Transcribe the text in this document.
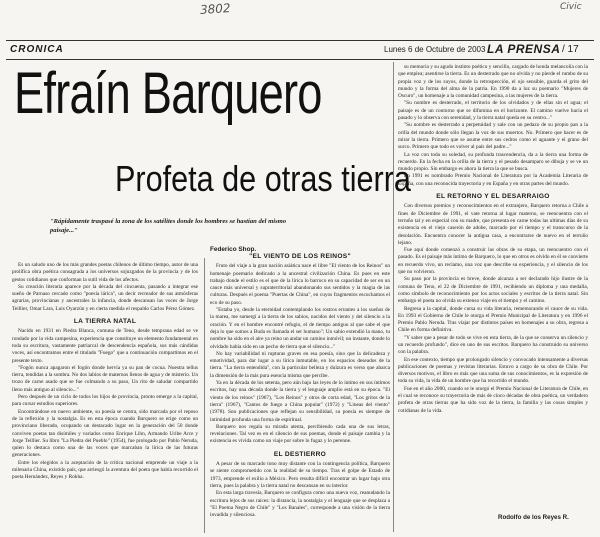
3802	Civic
CRONICA	Lunes 6 de Octubre de 2003 LA PRENSA / 17
Efraín Barquero
Profeta de otras tierra
"Rápidamente traspasé la zona de los satélites donde los hombres se hastían del mismo paisaje..."
Federico Shop.

Es un saludo uno de los más grandes poetas chilenos de último tiempo, autor de una prolífica obra poética consagrada a los universos sojuzgados de la provincia y de los gestos cotidianos que conforman la sutil vida de los afectos.

Su creación literaria aparece por la década del cincuenta, pasando a integrar ese sueño de Parnaso cercado como "poesía lárica", un decir recreador de sus atmósferas agrarias, provincianas y ancestrales la infancia, donde descansan las voces de Jorge Teillier, Omar Lara, Luis Oyarzún y en cierta medida el respaldo Carlos Pérez Gómez.

LA TIERRA NATAL

Nacido en 1931 en Piedra Blanca, comuna de Teno, desde temprana edad se ve rondado por la vida campesina, experiencia que constituye un elemento fundamental en toda su escritura, vastamente patriarcal de descendencia española, sus más cándidas voces, así encontramos entre el titulado "Fuego" que a continuación compartimos en el presente texto.

"Fogón nunca apagaron el fogón donde hervía ya su pan de cocua. Nuestra tellus tierra, tendidas a la sombra. No dos labios de maternos llenos de agua y de misterio. Un trozo de carne asado que se fue colmando a su paso, Un rito de saludar compartido lleno más antiguo al silencio..."

Pero después de un ciclo de todos los hijos de provincia, pronto emerge a la capital, para cursar estudios superiores.

Encontrándose en nuevo ambiente, su poesía se centra, sido marcada por el reposo de la reflexión y la nostalgia. Es en esta época cuando Barquero se erige como un provinciano liberado, ocupando un destacado lugar en la generación del 50 donde conviven poetas tan disímiles y variados como Enrique Lihn, Armando Uribe Arce y Jorge Teillier. Su libro "La Piedra del Pueblo" (1954), fue prologado por Pablo Neruda, quien lo destaca como una de las voces que marcaban la lírica de las futuras generaciones.

Entre los elegidos a la aceptación de la crítica nacional emprende un viaje a la milenaria China, existido país, que arriesgó la aventura del poeta que había recorrido el poeta Hernández, Reyes y Rokha.

"EL VIENTO DE LOS REINOS"

Fruto del viaje a la gran nación asiática nace el libre "El viento de los Reinos" un homenaje poemario dedicado a la ancestral civilización China. Es pues en este trabajo donde el estilo es el que de la lírica lo barroco en su capacidad de ser en un cauce más universal y supraterritorial abandonando sus sentidos y la magia de las culturas. Después el poema "Puertas de China", en cuyos fragmentos escuchamos el eco de su paso.

"Estaba yo, desde la eternidad contemplando los rostros errantes a los sueños de la marea, me sumergí a la tierra de los sabios, nacidos del viento y del silencio a la oración. Y en el hombre encontré refugio, el de tiempo antiguo al que sabe el que deja lo que somos a Buda es llamada el ser humano"; Un sabio extendió la mano, tu nombre ha sido en el aire ya reino un andar un camino inmóvil; un instante, donde lo olvidado había sido en un pecho de tierra que el silencio..."

No hay variabilidad ni rupturas graves en esa poesía, sino que la delicadeza y emotividad, para dar lugar a su lírica inmutable, en los espacios deseados de la tierra. "La tierra entendida", con la particular belleza y dulzura es verso que abarca la dimensión de la más pura esencia misma que percibe.

Ya en la década de los setenta, pero aún bajo las leyes de lo íntimo en sus íntimos escritos, hay una década donde la tierra y el lenguaje amplio está en su época. "El viento de los reinos" (1967), "Los Reinos" y otros de corta edad, "Los gritos de la tierra" (1967), "Cantos de fuego a China popular" (1972) y "Lineas del viento" (1978). Son publicaciones que reflejan su sensibilidad, su poesía es siempre de intimidad profunda una forma de espiritual.

Barquero nos regala su mirada atenta, percibiendo cada una de sus letras, revelaciones. Tal vez es en el silencio de sus poemas, donde el paisaje cambia y la existencia es vivida como un viaje por sobre lo fugaz y lo perenne.

EL DESTIERRO

A pesar de su marcado tono muy distante con la contingencia política, Barquero se siente comprometido con la realidad de su tiempo. Tras el golpe de Estado de 1973, emprende el exilio a México. Pero resulta difícil encontrar un lugar bajo otra tierra, pues la palabra y la tierra natal no descansan en su interior.

En esta larga travesía, Barquero se configura como una nueva voz, reanudando la escritura lejos de sus raíces: la distancia, la nostalgia y el lenguaje que se desplaza a "El Poema Negro de Chile" y "Los Banales", corresponde a una visión de la tierra invadida y silenciosa.

su memoria y su agudo instinto poético y sencillo, cargado de honda melancolía con la que emplea; asentirse la tierra. Es un desterrado que no olvida y no pierde el rumbo de su propia voz y de los suyos, donde la retrospección, el ojo sensible, guarda el grito del mundo y la forma del alma de la patria. En 1990 da a luz su poemario "Mujeres de Oscuro", un homenaje a la comunidad campesina, a las mujeres de la tierra.

"Su nombre es desterrado, el territorio de los olvidados y de ellas sin el agua; el paisaje es de un contorno que se difumina en el horizonte. El camino vuelve hacia el pasado y lo observa con serenidad, y la tierra natal queda en su centro..."

"Su nombre es desterrado a perpetuidad y sale con un pedazo de su propio pan a la orilla del mundo donde sólo llegan la voz de sus muertos. No. Primero que hacer es de mirar la tierra. Primero que se asume entre sus cedros como el aguante y el grano del surco. Primero que todo es volver al país del padre..."

La voz con toda su soledad, su profunda trascendencia, da a la tierra una forma de recuerdo. En la fecha en la orilla de la tierra y el pesado desamparo se dibuja y se ve un mundo propio. Sin embargo es ahora la tierra la que se busca.

En 1991 es nombrado Premio Nacional de Literatura por la Academia Literaria de España, con una reconocida trayectoria y en España y en otras partes del mundo.

EL RETORNO Y EL DESARRAIGO

Con diversos premios y reconocimientos en el extranjero, Barquero retorna a Chile a fines de Diciembre de 1991, el vate retorna al lugar materno, se reencuentra con el terruño tal y en especial con su madre, que presenta en carne todas las ultimas días de su existencia en el viejo caserón de adobe, marcado por el tiempo y el transcurso de la desolación. Encuentra conocer la antigua casa, a encontrarse de nuevo en el terruño lejano.

Fue aquí donde comenzó a construir las obras de su etapa, un reencuentro con el pasado. Es el paisaje más íntimo de Barquero, lo que en otros es olvido en él se convierte en recuerdo vivo, un reclamo, una voz que describe su experiencia, y el silencio de los que no volvieron.

Su paso por la provincia es breve, donde alcanza a ser declarado hijo ilustre de la comuna de Teno, el 22 de Diciembre de 1991, recibiendo un diploma y una medalla, como símbolo de reconocimiento por los actos sociales y escritos de la tierra natal. Sin embargo el poeta no olvida su extenso viaje en el tiempo y el camino.

Regresa a la capital, donde cursa su vida literaria, rememorando el cauce de su vida. En 1993 el Gobierno de Chile le otorga el Premio Municipal de Literatura y en 1996 el Premio Pablo Neruda. Tras viajar por distintos países en homenajes a su obra, regresa a Chile en forma definitiva.

"Y saber que a pesar de todo se vive en esta tierra, de la que se conserva un silencio y un recuerdo profundo", dice en uno de sus escritos. Barquero ha construido su universo con la palabra.

En ese contexto, tiempo que prolongado silencio y convocado intensamente a diversas publicaciones de poemas y revistas literarias. Estuvo a cargo de su obra de Chile. Por diversos motivos, el libro es más que una suma de sus conocimientos, es la expresión de toda su vida, la vida de un hombre que ha recorrido el mundo.

Fue en el año 2000, cuando se le otorgó el Premio Nacional de Literatura de Chile, en el cual se reconoce su trayectoria de más de cinco décadas de obra poética, un verdadero profeta de otras tierras que ha sido voz de la tierra, la familia y las cosas simples y cotidianas de la vida.

Rodolfo de los Reyes R.
